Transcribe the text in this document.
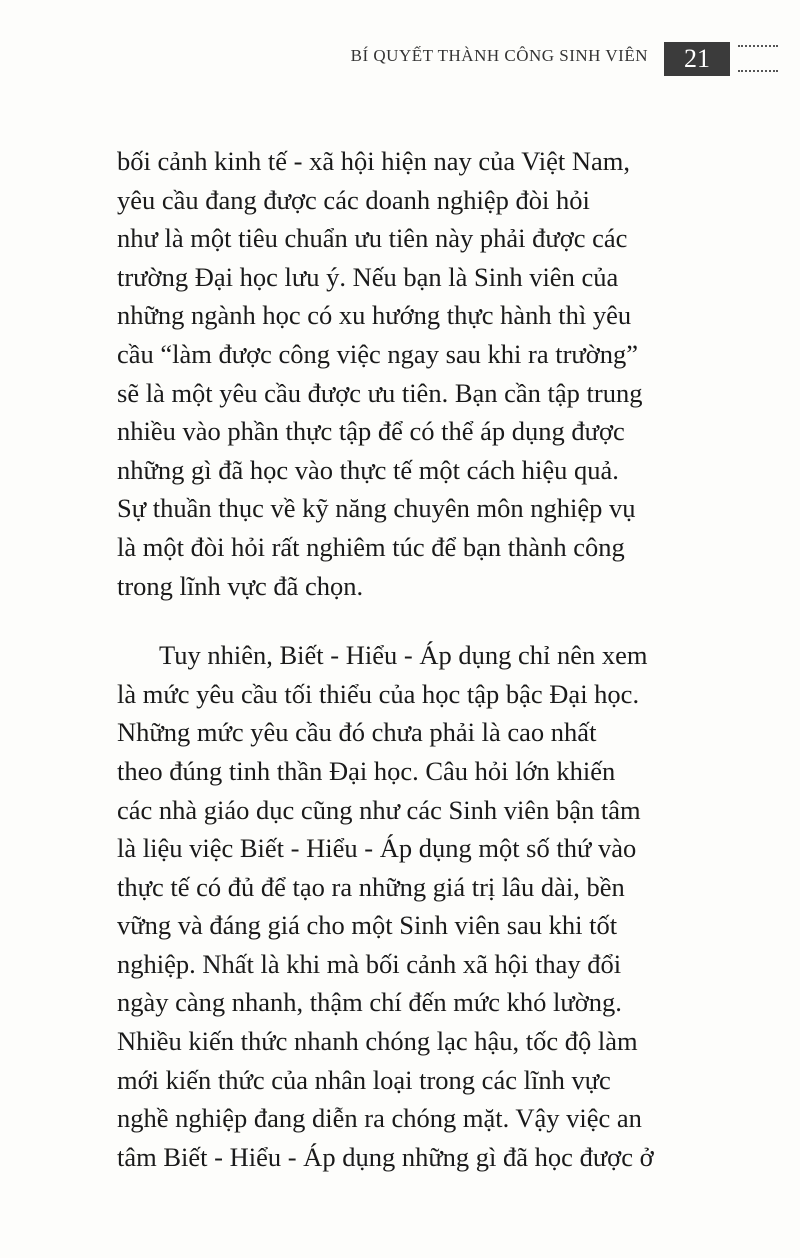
BÍ QUYẾT THÀNH CÔNG SINH VIÊN	21

bối cảnh kinh tế - xã hội hiện nay của Việt Nam,
yêu cầu đang được các doanh nghiệp đòi hỏi
như là một tiêu chuẩn ưu tiên này phải được các
trường Đại học lưu ý. Nếu bạn là Sinh viên của
những ngành học có xu hướng thực hành thì yêu
cầu “làm được công việc ngay sau khi ra trường”
sẽ là một yêu cầu được ưu tiên. Bạn cần tập trung
nhiều vào phần thực tập để có thể áp dụng được
những gì đã học vào thực tế một cách hiệu quả.
Sự thuần thục về kỹ năng chuyên môn nghiệp vụ
là một đòi hỏi rất nghiêm túc để bạn thành công
trong lĩnh vực đã chọn.

Tuy nhiên, Biết - Hiểu - Áp dụng chỉ nên xem
là mức yêu cầu tối thiểu của học tập bậc Đại học.
Những mức yêu cầu đó chưa phải là cao nhất
theo đúng tinh thần Đại học. Câu hỏi lớn khiến
các nhà giáo dục cũng như các Sinh viên bận tâm
là liệu việc Biết - Hiểu - Áp dụng một số thứ vào
thực tế có đủ để tạo ra những giá trị lâu dài, bền
vững và đáng giá cho một Sinh viên sau khi tốt
nghiệp. Nhất là khi mà bối cảnh xã hội thay đổi
ngày càng nhanh, thậm chí đến mức khó lường.
Nhiều kiến thức nhanh chóng lạc hậu, tốc độ làm
mới kiến thức của nhân loại trong các lĩnh vực
nghề nghiệp đang diễn ra chóng mặt. Vậy việc an
tâm Biết - Hiểu - Áp dụng những gì đã học được ở
